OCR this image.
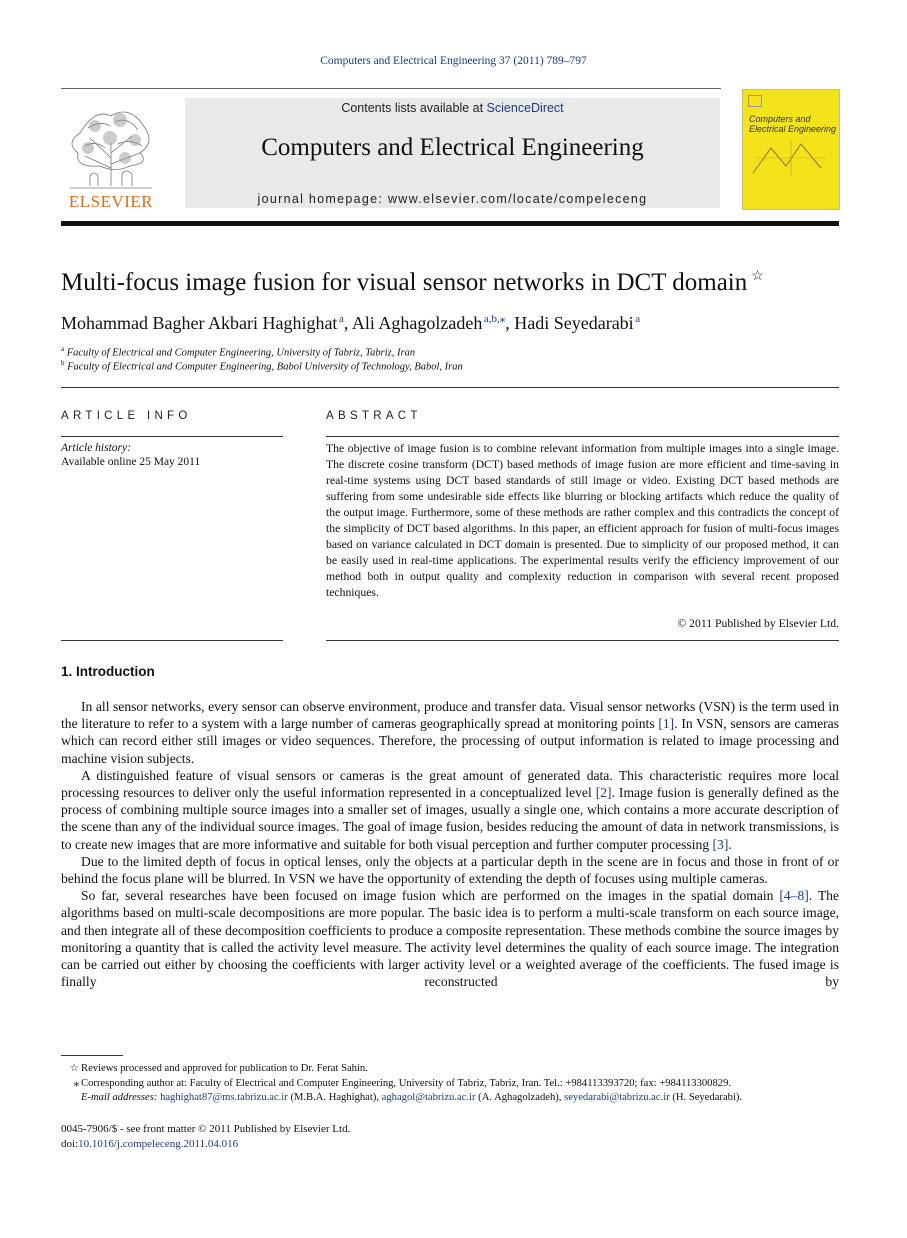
Computers and Electrical Engineering 37 (2011) 789–797
ELSEVIER
Contents lists available at ScienceDirect
Computers and Electrical Engineering
journal homepage: www.elsevier.com/locate/compeleceng
Computers and Electrical Engineering
Multi-focus image fusion for visual sensor networks in DCT domain ☆
Mohammad Bagher Akbari Haghighat  $^a$, Ali Aghagolzadeh  $^{a,b,⁎}$, Hadi Seyedarabi  $^a$
$^a$ Faculty of Electrical and Computer Engineering, University of Tabriz, Tabriz, Iran
$^b$ Faculty of Electrical and Computer Engineering, Babol University of Technology, Babol, Iran
ARTICLE INFO	ABSTRACT
Article history:
Available online 25 May 2011
The objective of image fusion is to combine relevant information from multiple images into a single image. The discrete cosine transform (DCT) based methods of image fusion are more efficient and time-saving in real-time systems using DCT based standards of still image or video. Existing DCT based methods are suffering from some undesirable side effects like blurring or blocking artifacts which reduce the quality of the output image. Furthermore, some of these methods are rather complex and this contradicts the concept of the simplicity of DCT based algorithms. In this paper, an efficient approach for fusion of multi-focus images based on variance calculated in DCT domain is presented. Due to simplicity of our proposed method, it can be easily used in real-time applications. The experimental results verify the efficiency improvement of our method both in output quality and complexity reduction in comparison with several recent proposed techniques.
© 2011 Published by Elsevier Ltd.
1. Introduction

In all sensor networks, every sensor can observe environment, produce and transfer data. Visual sensor networks (VSN) is the term used in the literature to refer to a system with a large number of cameras geographically spread at monitoring points [1]. In VSN, sensors are cameras which can record either still images or video sequences. Therefore, the processing of output information is related to image processing and machine vision subjects.

A distinguished feature of visual sensors or cameras is the great amount of generated data. This characteristic requires more local processing resources to deliver only the useful information represented in a conceptualized level [2]. Image fusion is generally defined as the process of combining multiple source images into a smaller set of images, usually a single one, which contains a more accurate description of the scene than any of the individual source images. The goal of image fusion, besides reducing the amount of data in network transmissions, is to create new images that are more informative and suitable for both visual perception and further computer processing [3].

Due to the limited depth of focus in optical lenses, only the objects at a particular depth in the scene are in focus and those in front of or behind the focus plane will be blurred. In VSN we have the opportunity of extending the depth of focuses using multiple cameras.

So far, several researches have been focused on image fusion which are performed on the images in the spatial domain [4–8]. The algorithms based on multi-scale decompositions are more popular. The basic idea is to perform a multi-scale transform on each source image, and then integrate all of these decomposition coefficients to produce a composite representation. These methods combine the source images by monitoring a quantity that is called the activity level measure. The activity level determines the quality of each source image. The integration can be carried out either by choosing the coefficients with larger activity level or a weighted average of the coefficients. The fused image is finally reconstructed by

☆ Reviews processed and approved for publication to Dr. Ferat Sahin.
⁎ Corresponding author at: Faculty of Electrical and Computer Engineering, University of Tabriz, Tabriz, Iran. Tel.: +984113393720; fax: +984113300829.
E-mail addresses: haghighat87@ms.tabrizu.ac.ir (M.B.A. Haghighat), aghagol@tabrizu.ac.ir (A. Aghagolzadeh), seyedarabi@tabrizu.ac.ir (H. Seyedarabi).
0045-7906/$ - see front matter © 2011 Published by Elsevier Ltd.
doi:10.1016/j.compeleceng.2011.04.016
